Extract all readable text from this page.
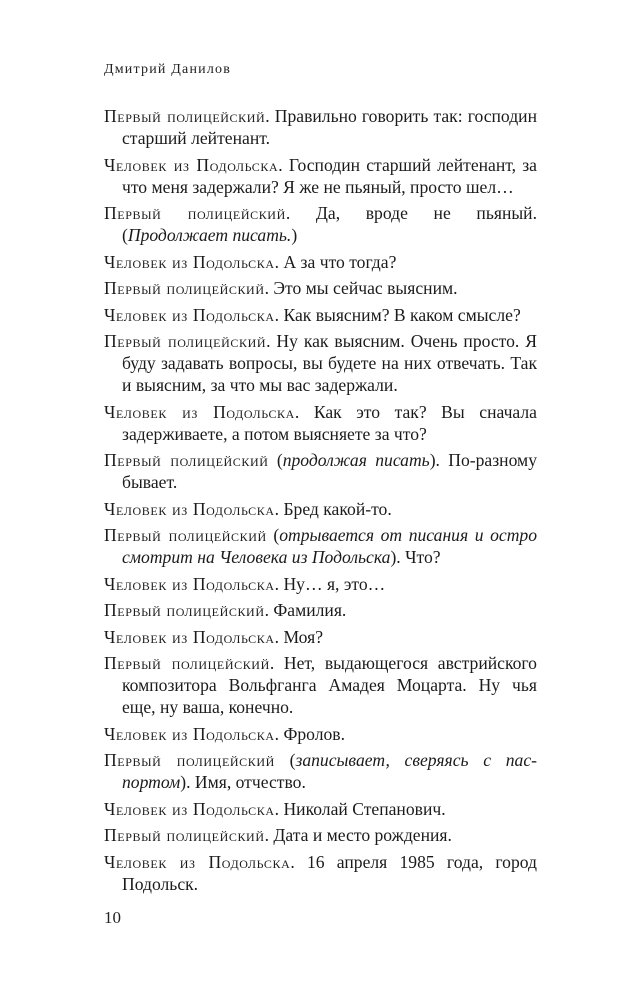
Дмитрий Данилов

Первый полицейский. Правильно говорить так: господин старший лейтенант.

Человек из Подольска. Господин старший лейтенант, за что меня задержали? Я же не пьяный, просто шел…

Первый полицейский. Да, вроде не пьяный. (Продолжает писать.)

Человек из Подольска. А за что тогда?

Первый полицейский. Это мы сейчас выясним.

Человек из Подольска. Как выясним? В каком смысле?

Первый полицейский. Ну как выясним. Очень просто. Я буду задавать вопросы, вы будете на них отвечать. Так и выясним, за что мы вас задержали.

Человек из Подольска. Как это так? Вы сначала задерживаете, а потом выясняете за что?

Первый полицейский (продолжая писать). По-​разному бывает.

Человек из Подольска. Бред какой-то.

Первый полицейский (отрывается от писания и остро смотрит на Человека из Подольска). Что?

Человек из Подольска. Ну… я, это…

Первый полицейский. Фамилия.

Человек из Подольска. Моя?

Первый полицейский. Нет, выдающегося австрийского композитора Вольфганга Амадея Моцарта. Ну чья еще, ну ваша, конечно.

Человек из Подольска. Фролов.

Первый полицейский (записывает, сверяясь с паспортом). Имя, отчество.

Человек из Подольска. Николай Степанович.

Первый полицейский. Дата и место рождения.

Человек из Подольска. 16 апреля 1985 года, город Подольск.

10
